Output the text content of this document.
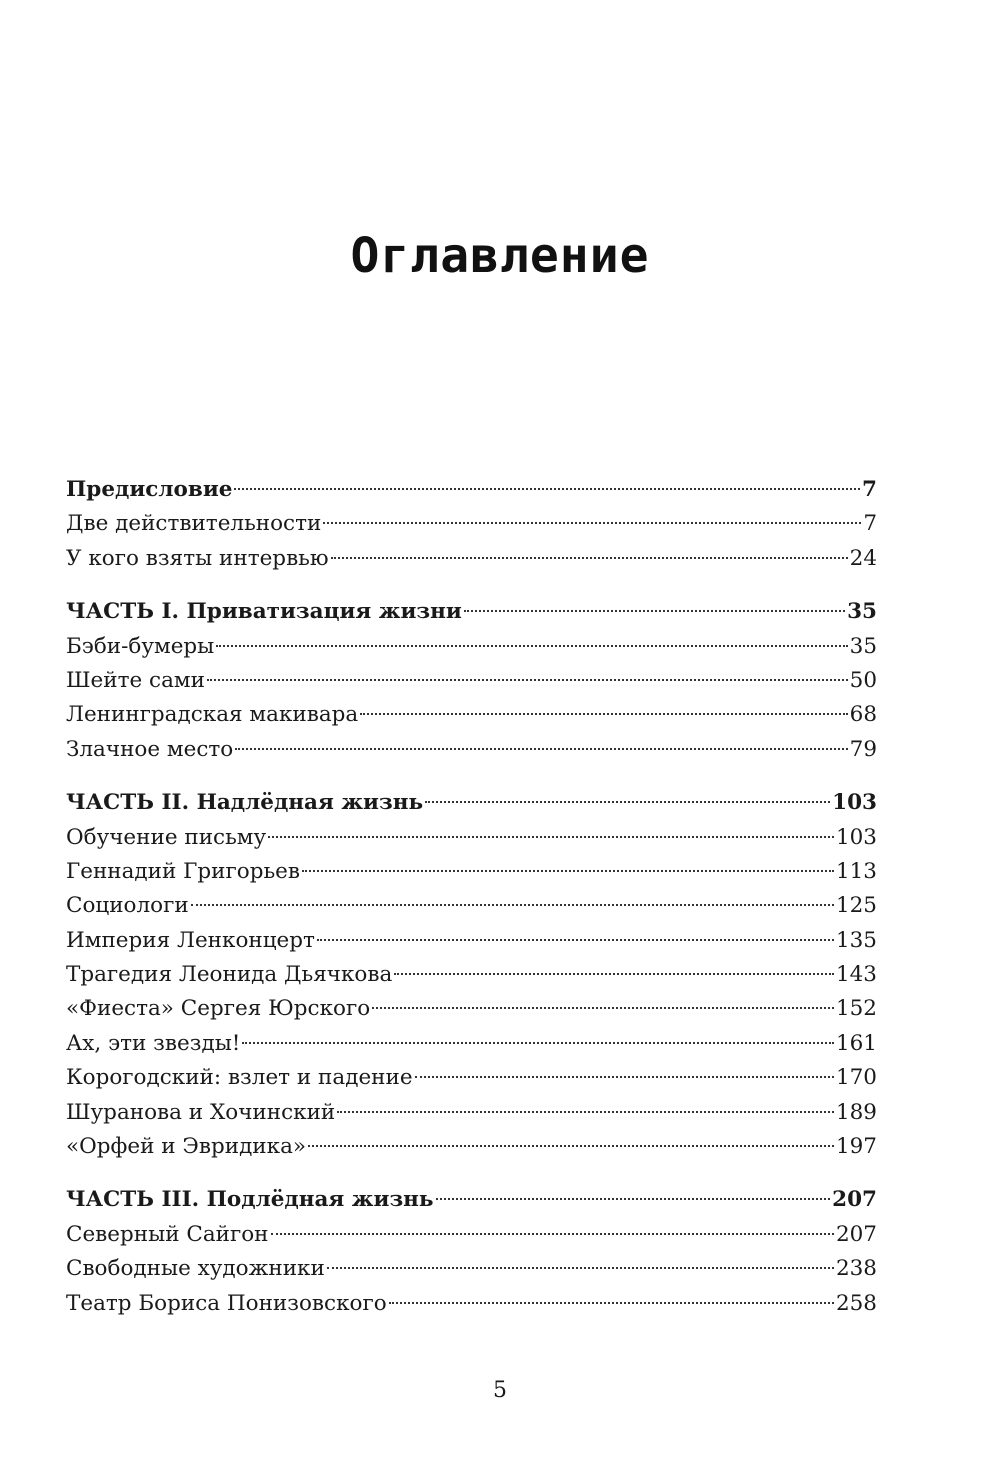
Оглавление
Предисловие	7
Две действительности	7
У кого взяты интервью	24
ЧАСТЬ I. Приватизация жизни	35
Бэби-бумеры	35
Шейте сами	50
Ленинградская макивара	68
Злачное место	79
ЧАСТЬ II. Надлёдная жизнь	103
Обучение письму	103
Геннадий Григорьев	113
Социологи	125
Империя Ленконцерт	135
Трагедия Леонида Дьячкова	143
«Фиеста» Сергея Юрского	152
Ах, эти звезды!	161
Корогодский: взлет и падение	170
Шуранова и Хочинский	189
«Орфей и Эвридика»	197
ЧАСТЬ III. Подлёдная жизнь	207
Северный Сайгон	207
Свободные художники	238
Театр Бориса Понизовского	258
5
